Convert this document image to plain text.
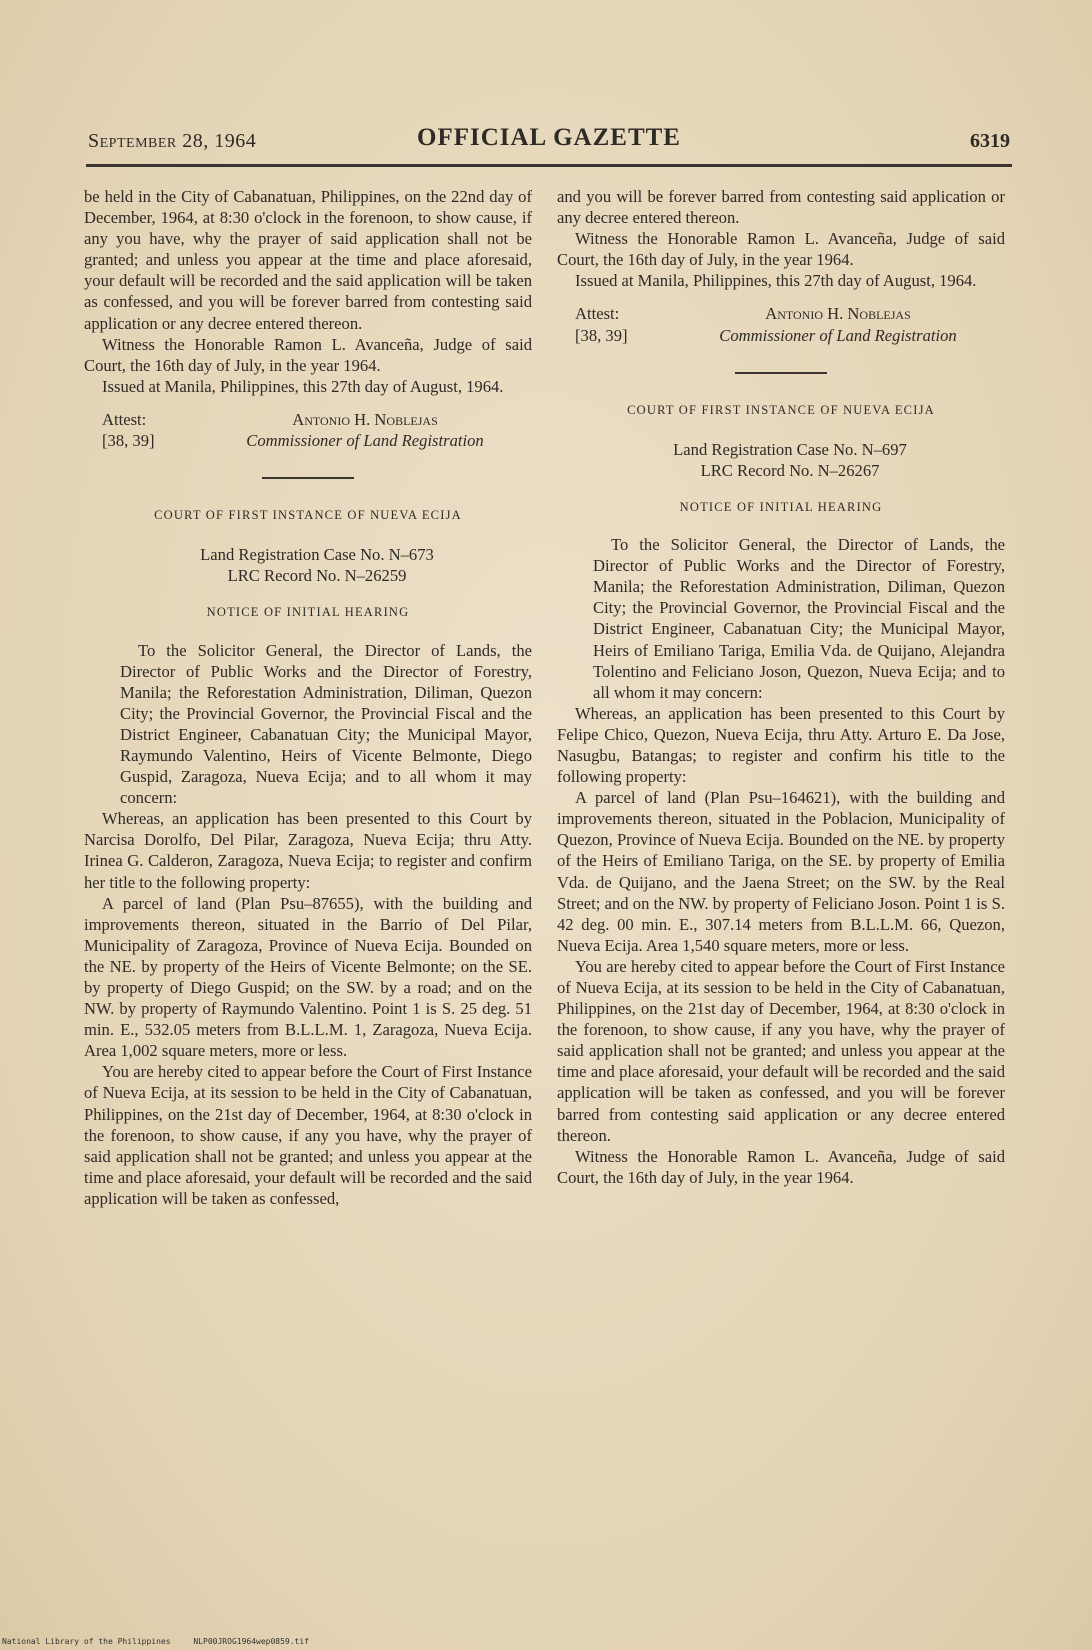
September 28, 1964	OFFICIAL GAZETTE	6319

be held in the City of Cabanatuan, Philippines, on the 22nd day of December, 1964, at 8:30 o'clock in the forenoon, to show cause, if any you have, why the prayer of said application shall not be granted; and unless you appear at the time and place aforesaid, your default will be recorded and the said application will be taken as confessed, and you will be forever barred from contesting said application or any decree entered thereon.

Witness the Honorable Ramon L. Avanceña, Judge of said Court, the 16th day of July, in the year 1964.

Issued at Manila, Philippines, this 27th day of August, 1964.

Attest:	Antonio H. Noblejas
[38, 39]	Commissioner of Land Registration
COURT OF FIRST INSTANCE OF NUEVA ECIJA

Land Registration Case No. N–673

LRC Record No. N–26259

NOTICE OF INITIAL HEARING

To the Solicitor General, the Director of Lands, the Director of Public Works and the Director of Forestry, Manila; the Reforestation Administration, Diliman, Quezon City; the Provincial Governor, the Provincial Fiscal and the District Engineer, Cabanatuan City; the Municipal Mayor, Raymundo Valentino, Heirs of Vicente Belmonte, Diego Guspid, Zaragoza, Nueva Ecija; and to all whom it may concern:

Whereas, an application has been presented to this Court by Narcisa Dorolfo, Del Pilar, Zaragoza, Nueva Ecija; thru Atty. Irinea G. Calderon, Zaragoza, Nueva Ecija; to register and confirm her title to the following property:

A parcel of land (Plan Psu–87655), with the building and improvements thereon, situated in the Barrio of Del Pilar, Municipality of Zaragoza, Province of Nueva Ecija. Bounded on the NE. by property of the Heirs of Vicente Belmonte; on the SE. by property of Diego Guspid; on the SW. by a road; and on the NW. by property of Raymundo Valentino. Point 1 is S. 25 deg. 51 min. E., 532.05 meters from B.L.L.M. 1, Zaragoza, Nueva Ecija. Area 1,002 square meters, more or less.

You are hereby cited to appear before the Court of First Instance of Nueva Ecija, at its session to be held in the City of Cabanatuan, Philippines, on the 21st day of December, 1964, at 8:30 o'clock in the forenoon, to show cause, if any you have, why the prayer of said application shall not be granted; and unless you appear at the time and place aforesaid, your default will be recorded and the said application will be taken as confessed,

and you will be forever barred from contesting said application or any decree entered thereon.

Witness the Honorable Ramon L. Avanceña, Judge of said Court, the 16th day of July, in the year 1964.

Issued at Manila, Philippines, this 27th day of August, 1964.

Attest:	Antonio H. Noblejas
[38, 39]	Commissioner of Land Registration
COURT OF FIRST INSTANCE OF NUEVA ECIJA

Land Registration Case No. N–697

LRC Record No. N–26267

NOTICE OF INITIAL HEARING

To the Solicitor General, the Director of Lands, the Director of Public Works and the Director of Forestry, Manila; the Reforestation Administration, Diliman, Quezon City; the Provincial Governor, the Provincial Fiscal and the District Engineer, Cabanatuan City; the Municipal Mayor, Heirs of Emiliano Tariga, Emilia Vda. de Quijano, Alejandra Tolentino and Feliciano Joson, Quezon, Nueva Ecija; and to all whom it may concern:

Whereas, an application has been presented to this Court by Felipe Chico, Quezon, Nueva Ecija, thru Atty. Arturo E. Da Jose, Nasugbu, Batangas; to register and confirm his title to the following property:

A parcel of land (Plan Psu–164621), with the building and improvements thereon, situated in the Poblacion, Municipality of Quezon, Province of Nueva Ecija. Bounded on the NE. by property of the Heirs of Emiliano Tariga, on the SE. by property of Emilia Vda. de Quijano, and the Jaena Street; on the SW. by the Real Street; and on the NW. by property of Feliciano Joson. Point 1 is S. 42 deg. 00 min. E., 307.14 meters from B.L.L.M. 66, Quezon, Nueva Ecija. Area 1,540 square meters, more or less.

You are hereby cited to appear before the Court of First Instance of Nueva Ecija, at its session to be held in the City of Cabanatuan, Philippines, on the 21st day of December, 1964, at 8:30 o'clock in the forenoon, to show cause, if any you have, why the prayer of said application shall not be granted; and unless you appear at the time and place aforesaid, your default will be recorded and the said application will be taken as confessed, and you will be forever barred from contesting said application or any decree entered thereon.

Witness the Honorable Ramon L. Avanceña, Judge of said Court, the 16th day of July, in the year 1964.

National Library of the Philippines	NLP00JROG1964wep0859.tif
